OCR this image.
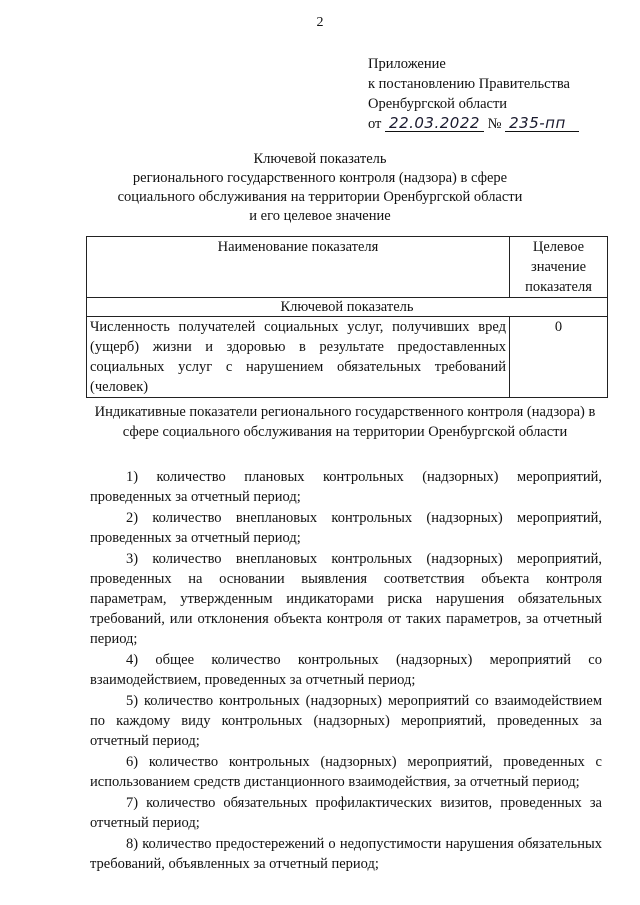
2
Приложение
к постановлению Правительства
Оренбургской области
от 22.03.2022 № 235-пп
Ключевой показатель
регионального государственного контроля (надзора) в сфере
социального обслуживания на территории Оренбургской области
и его целевое значение
Наименование показателя	Целевое значение показателя
Ключевой показатель	
Численность получателей социальных услуг, получивших вред (ущерб) жизни и здоровью в результате предоставленных социальных услуг с нарушением обязательных требований (человек)	0
Индикативные показатели регионального государственного контроля (надзора) в сфере социального обслуживания на территории Оренбургской области

1) количество плановых контрольных (надзорных) мероприятий, проведенных за отчетный период;

2) количество внеплановых контрольных (надзорных) мероприятий, проведенных за отчетный период;

3) количество внеплановых контрольных (надзорных) мероприятий, проведенных на основании выявления соответствия объекта контроля параметрам, утвержденным индикаторами риска нарушения обязательных требований, или отклонения объекта контроля от таких параметров, за отчетный период;

4) общее количество контрольных (надзорных) мероприятий со взаимодействием, проведенных за отчетный период;

5) количество контрольных (надзорных) мероприятий со взаимодействием по каждому виду контрольных (надзорных) мероприятий, проведенных за отчетный период;

6) количество контрольных (надзорных) мероприятий, проведенных с использованием средств дистанционного взаимодействия, за отчетный период;

7) количество обязательных профилактических визитов, проведенных за отчетный период;

8) количество предостережений о недопустимости нарушения обязательных требований, объявленных за отчетный период;
